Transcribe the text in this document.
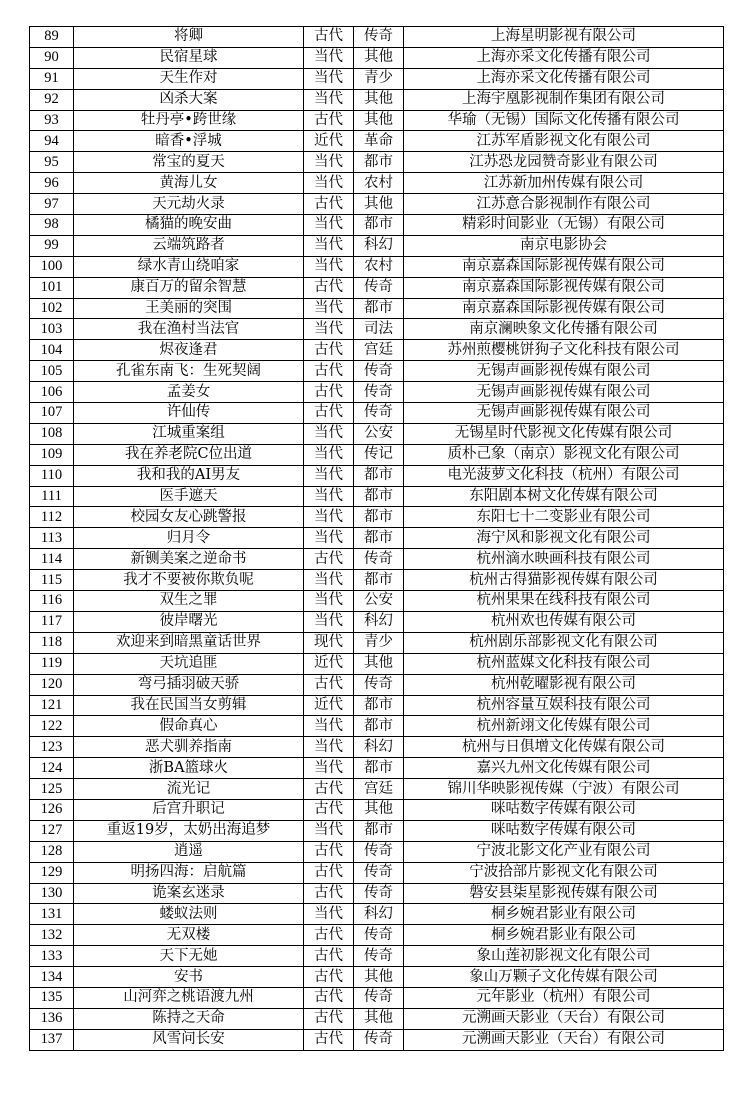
89	将卿	古代	传奇	上海星明影视有限公司
90	民宿星球	当代	其他	上海亦采文化传播有限公司
91	天生作对	当代	青少	上海亦采文化传播有限公司
92	凶杀大案	当代	其他	上海宇凰影视制作集团有限公司
93	牡丹亭•跨世缘	古代	其他	华瑜（无锡）国际文化传播有限公司
94	暗香•浮城	近代	革命	江苏军盾影视文化有限公司
95	常宝的夏天	当代	都市	江苏恐龙园赞奇影业有限公司
96	黄海儿女	当代	农村	江苏新加州传媒有限公司
97	天元劫火录	古代	其他	江苏意合影视制作有限公司
98	橘猫的晚安曲	当代	都市	精彩时间影业（无锡）有限公司
99	云端筑路者	当代	科幻	南京电影协会
100	绿水青山绕咱家	当代	农村	南京嘉森国际影视传媒有限公司
101	康百万的留余智慧	古代	传奇	南京嘉森国际影视传媒有限公司
102	王美丽的突围	当代	都市	南京嘉森国际影视传媒有限公司
103	我在渔村当法官	当代	司法	南京澜映象文化传播有限公司
104	烬夜逢君	古代	宫廷	苏州煎樱桃饼狗子文化科技有限公司
105	孔雀东南飞：生死契阔	古代	传奇	无锡声画影视传媒有限公司
106	孟姜女	古代	传奇	无锡声画影视传媒有限公司
107	许仙传	古代	传奇	无锡声画影视传媒有限公司
108	江城重案组	当代	公安	无锡星时代影视文化传媒有限公司
109	我在养老院C位出道	当代	传记	质朴己象（南京）影视文化有限公司
110	我和我的AI男友	当代	都市	电光菠萝文化科技（杭州）有限公司
111	医手遮天	当代	都市	东阳剧本树文化传媒有限公司
112	校园女友心跳警报	当代	都市	东阳七十二变影业有限公司
113	归月令	当代	都市	海宁风和影视文化有限公司
114	新铡美案之逆命书	古代	传奇	杭州滴水映画科技有限公司
115	我才不要被你欺负呢	当代	都市	杭州古得猫影视传媒有限公司
116	双生之罪	当代	公安	杭州果果在线科技有限公司
117	彼岸曙光	当代	科幻	杭州欢也传媒有限公司
118	欢迎来到暗黑童话世界	现代	青少	杭州剧乐部影视文化有限公司
119	天坑追匪	近代	其他	杭州蓝媒文化科技有限公司
120	弯弓插羽破天骄	古代	传奇	杭州乾曜影视有限公司
121	我在民国当女剪辑	近代	都市	杭州容量互娱科技有限公司
122	假命真心	当代	都市	杭州新翊文化传媒有限公司
123	恶犬驯养指南	当代	科幻	杭州与日俱增文化传媒有限公司
124	浙BA篮球火	当代	都市	嘉兴九州文化传媒有限公司
125	流光记	古代	宫廷	锦川华映影视传媒（宁波）有限公司
126	后宫升职记	古代	其他	咪咕数字传媒有限公司
127	重返19岁，太奶出海追梦	当代	都市	咪咕数字传媒有限公司
128	逍遥	古代	传奇	宁波北影文化产业有限公司
129	明扬四海：启航篇	古代	传奇	宁波拾部片影视文化有限公司
130	诡案玄迷录	古代	传奇	磐安县柒星影视传媒有限公司
131	蝼蚁法则	当代	科幻	桐乡婉君影业有限公司
132	无双楼	古代	传奇	桐乡婉君影业有限公司
133	天下无她	古代	传奇	象山莲初影视文化有限公司
134	安书	古代	其他	象山万颗子文化传媒有限公司
135	山河弈之桃语渡九州	古代	传奇	元年影业（杭州）有限公司
136	陈持之天命	古代	其他	元溯画天影业（天台）有限公司
137	风雪问长安	古代	传奇	元溯画天影业（天台）有限公司
